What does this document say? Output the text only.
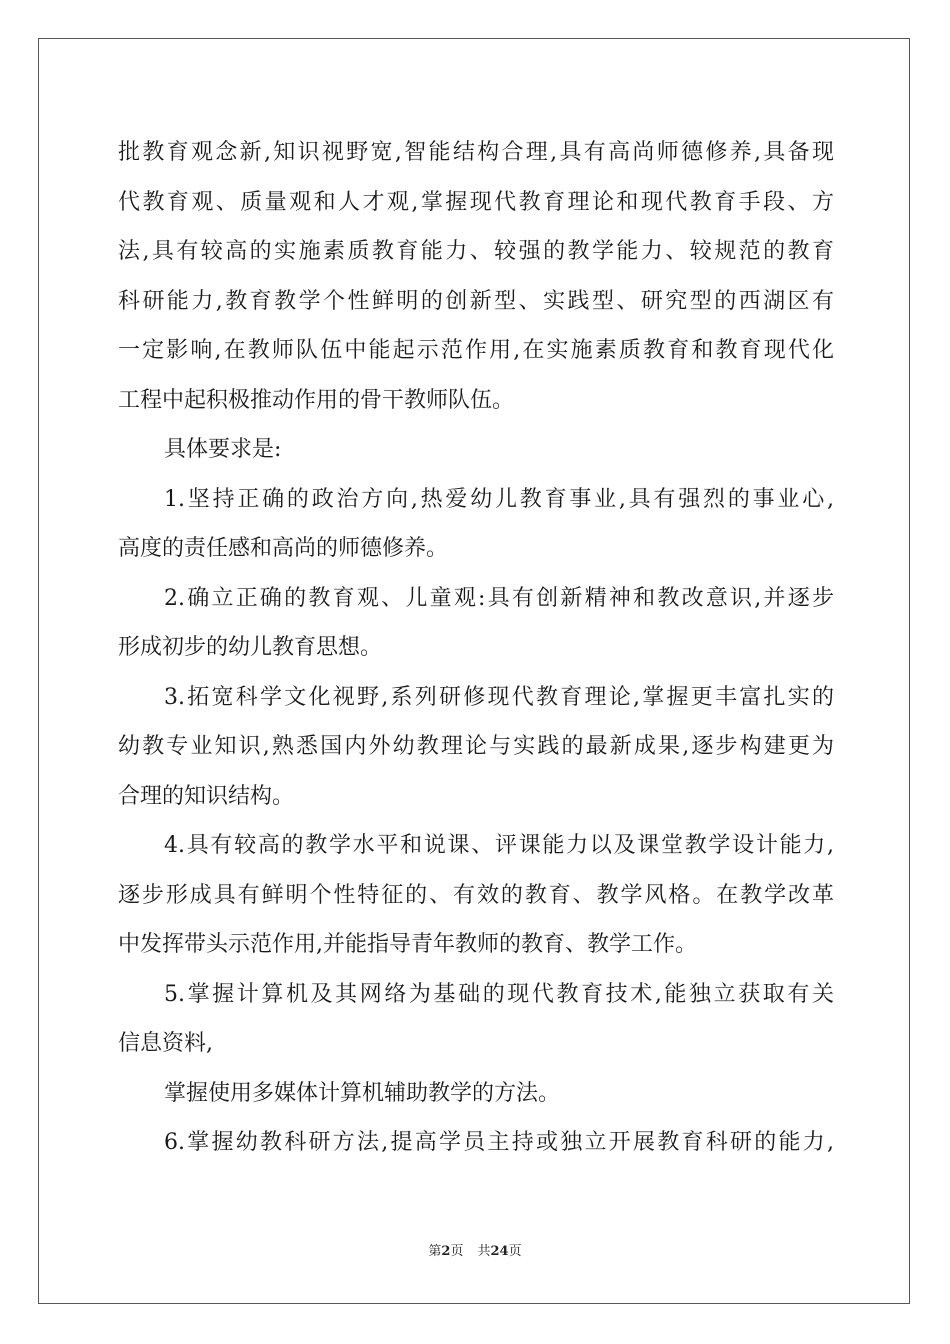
批教育观念新,知识视野宽,智能结构合理,具有高尚师德修养,具备现
代教育观、质量观和人才观,掌握现代教育理论和现代教育手段、方
法,具有较高的实施素质教育能力、较强的教学能力、较规范的教育
科研能力,教育教学个性鲜明的创新型、实践型、研究型的西湖区有
一定影响,在教师队伍中能起示范作用,在实施素质教育和教育现代化
工程中起积极推动作用的骨干教师队伍。
具体要求是:
1.坚持正确的政治方向,热爱幼儿教育事业,具有强烈的事业心,
高度的责任感和高尚的师德修养。
2.确立正确的教育观、儿童观:具有创新精神和教改意识,并逐步
形成初步的幼儿教育思想。
3.拓宽科学文化视野,系列研修现代教育理论,掌握更丰富扎实的
幼教专业知识,熟悉国内外幼教理论与实践的最新成果,逐步构建更为
合理的知识结构。
4.具有较高的教学水平和说课、评课能力以及课堂教学设计能力,
逐步形成具有鲜明个性特征的、有效的教育、教学风格。在教学改革
中发挥带头示范作用,并能指导青年教师的教育、教学工作。
5.掌握计算机及其网络为基础的现代教育技术,能独立获取有关
信息资料,
掌握使用多媒体计算机辅助教学的方法。
6.掌握幼教科研方法,提高学员主持或独立开展教育科研的能力,
第2页 共24页
